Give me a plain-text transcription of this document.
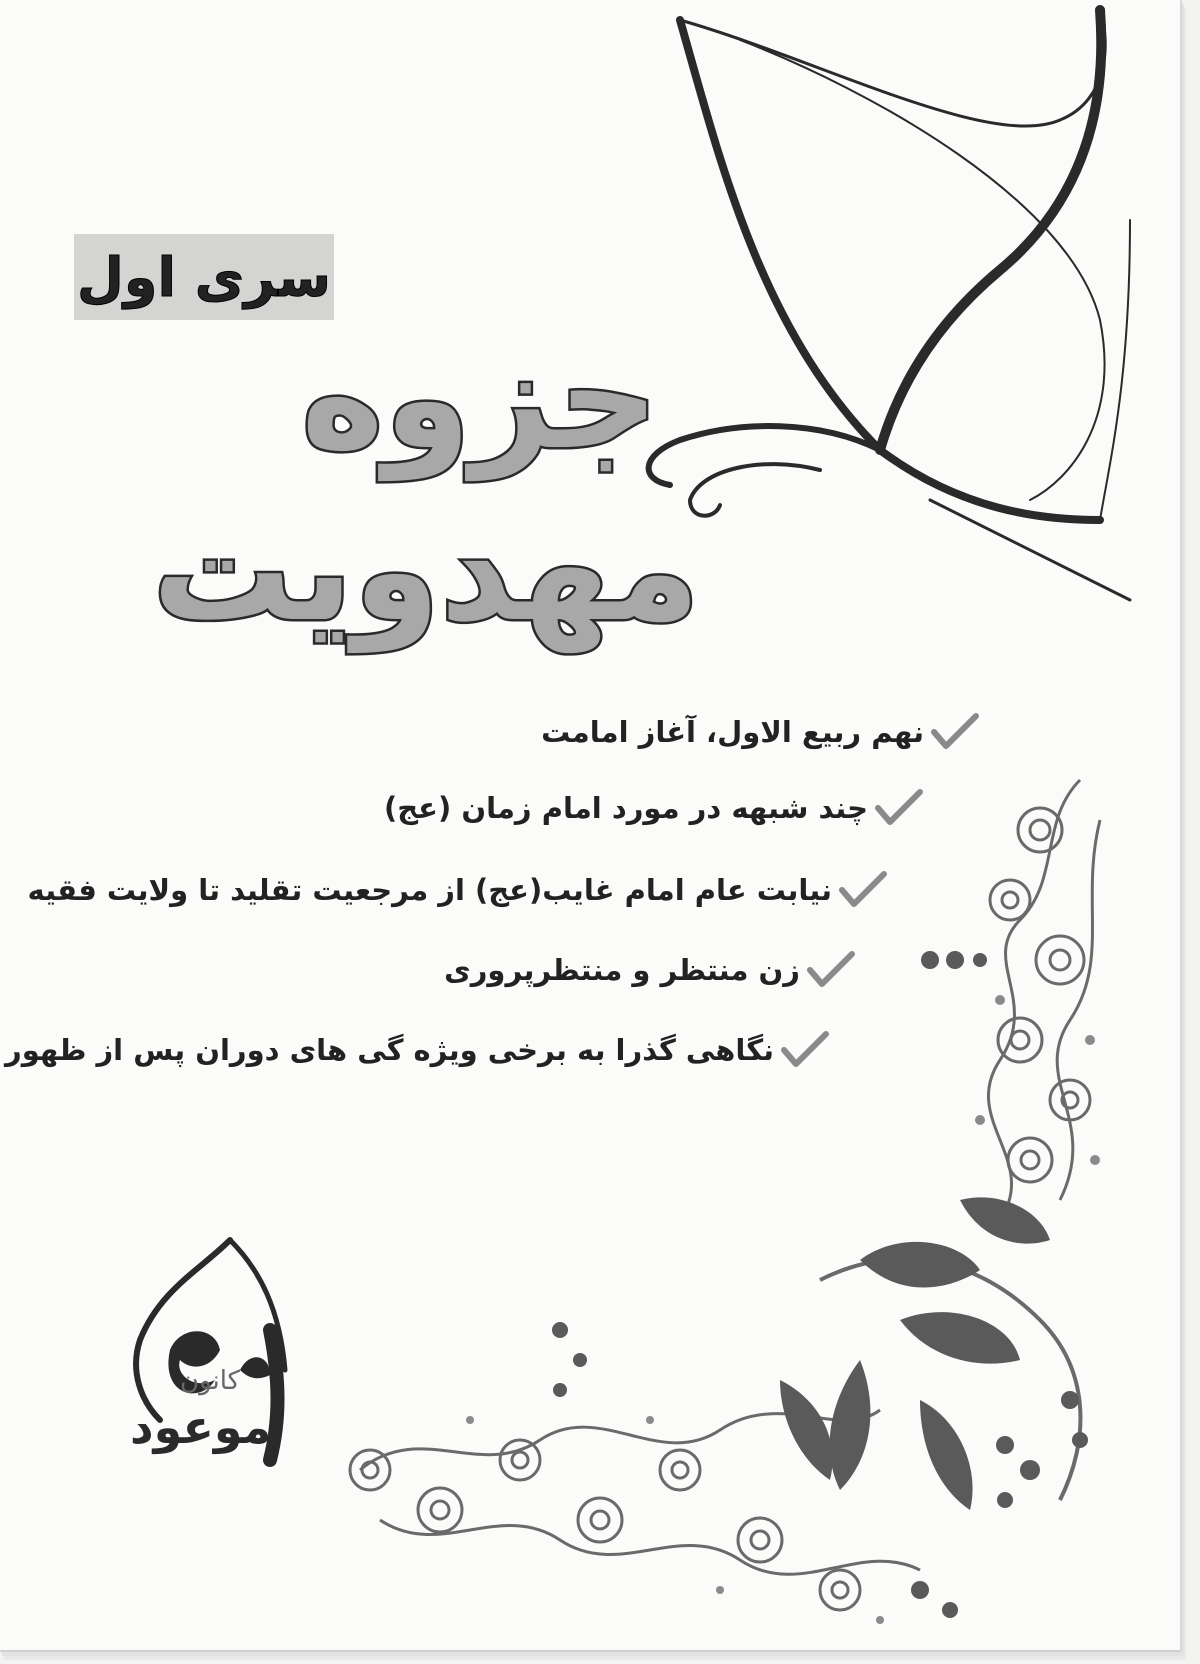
سری اول
جزوه
مهدویت
نهم ربیع الاول، آغاز امامت
چند شبهه در مورد امام زمان (عج)
نیابت عام امام غایب(عج) از مرجعیت تقلید تا ولایت فقیه
زن منتظر و منتظرپروری
نگاهی گذرا به برخی ویژه گی های دوران پس از ظهور
کانون
موعود
